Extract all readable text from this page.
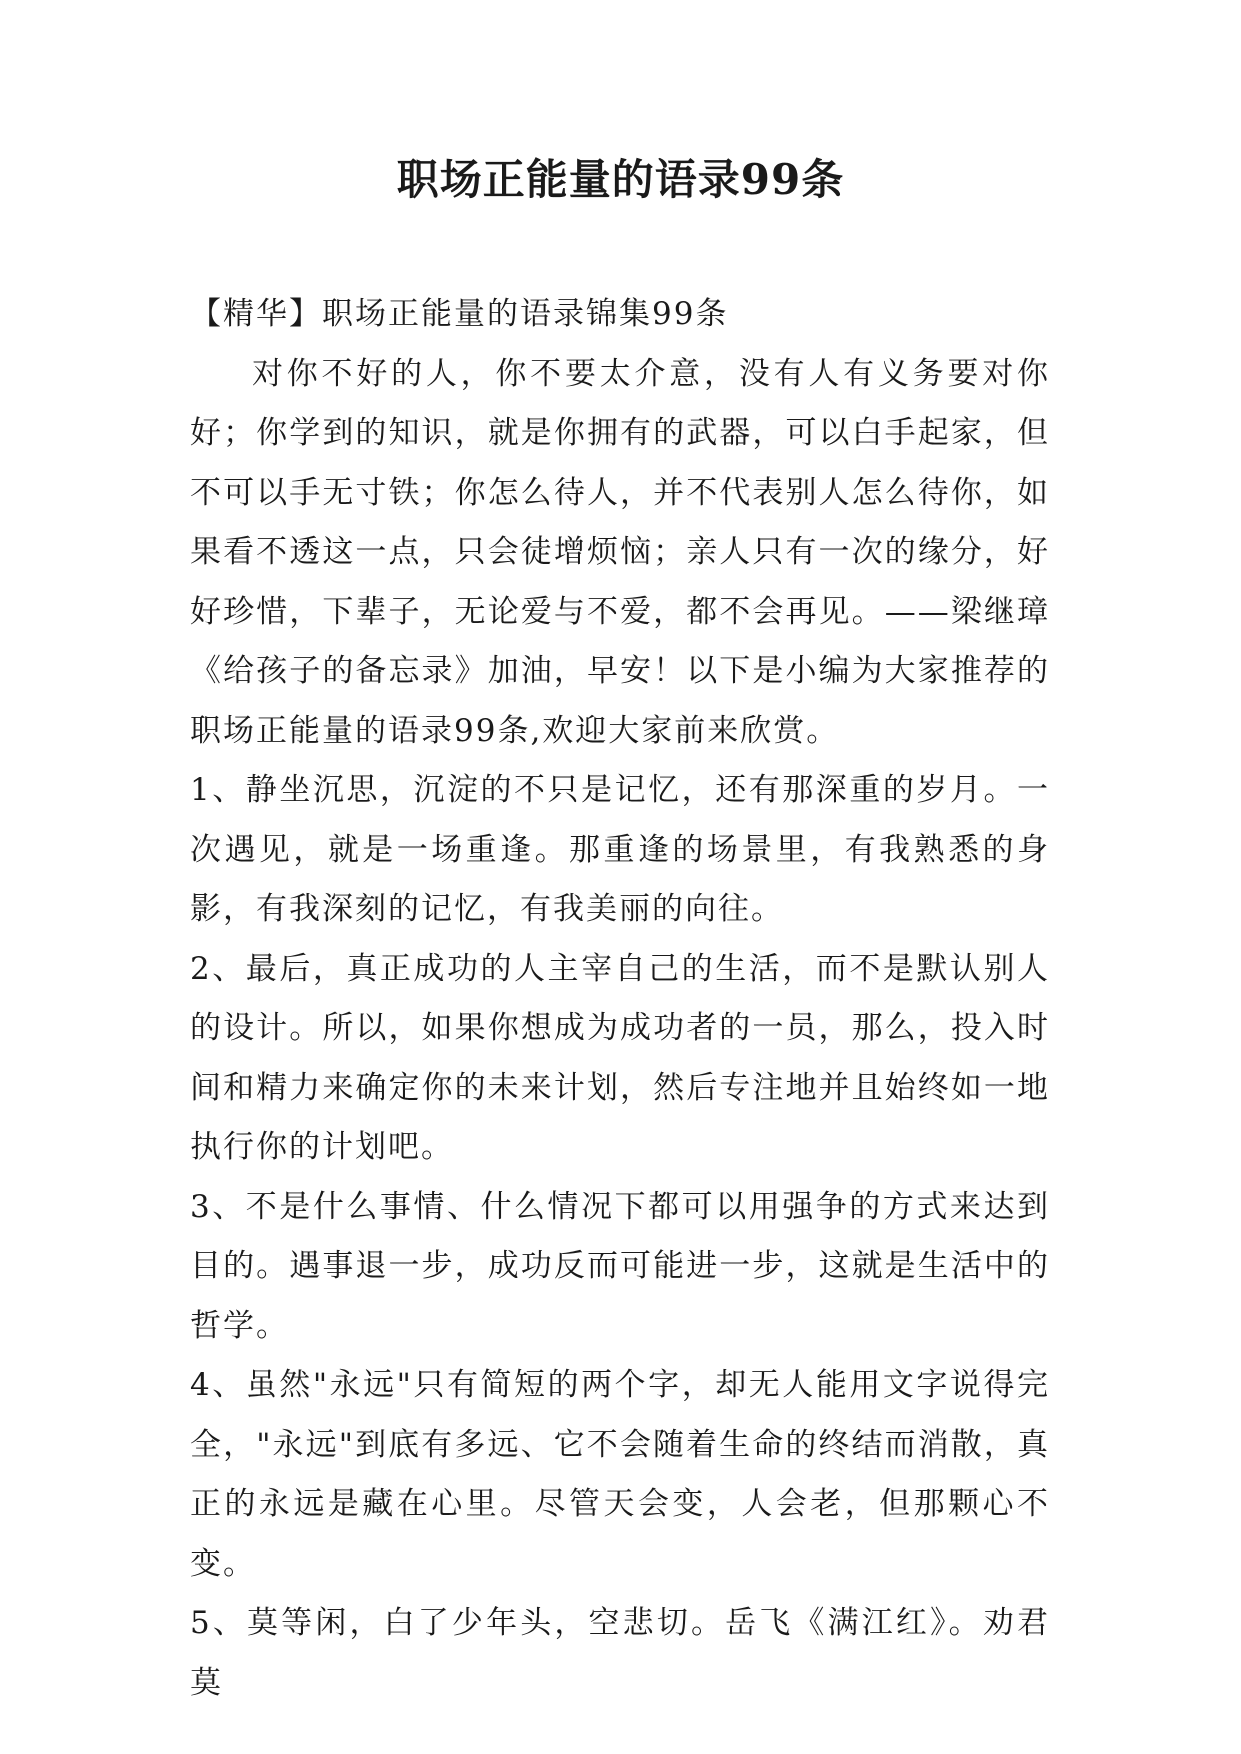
职场正能量的语录99条

【精华】职场正能量的语录锦集99条

对你不好的人，你不要太介意，没有人有义务要对你好；你学到的知识，就是你拥有的武器，可以白手起家，但不可以手无寸铁；你怎么待人，并不代表别人怎么待你，如果看不透这一点，只会徒增烦恼；亲人只有一次的缘分，好好珍惜，下辈子，无论爱与不爱，都不会再见。——梁继璋《给孩子的备忘录》加油，早安！以下是小编为大家推荐的职场正能量的语录99条,欢迎大家前来欣赏。

1、静坐沉思，沉淀的不只是记忆，还有那深重的岁月。一次遇见，就是一场重逢。那重逢的场景里，有我熟悉的身影，有我深刻的记忆，有我美丽的向往。

2、最后，真正成功的人主宰自己的生活，而不是默认别人的设计。所以，如果你想成为成功者的一员，那么，投入时间和精力来确定你的未来计划，然后专注地并且始终如一地执行你的计划吧。

3、不是什么事情、什么情况下都可以用强争的方式来达到目的。遇事退一步，成功反而可能进一步，这就是生活中的哲学。

4、虽然"永远"只有简短的两个字，却无人能用文字说得完全，"永远"到底有多远、它不会随着生命的终结而消散，真正的永远是藏在心里。尽管天会变，人会老，但那颗心不变。

5、莫等闲，白了少年头，空悲切。岳飞《满江红》。劝君莫
